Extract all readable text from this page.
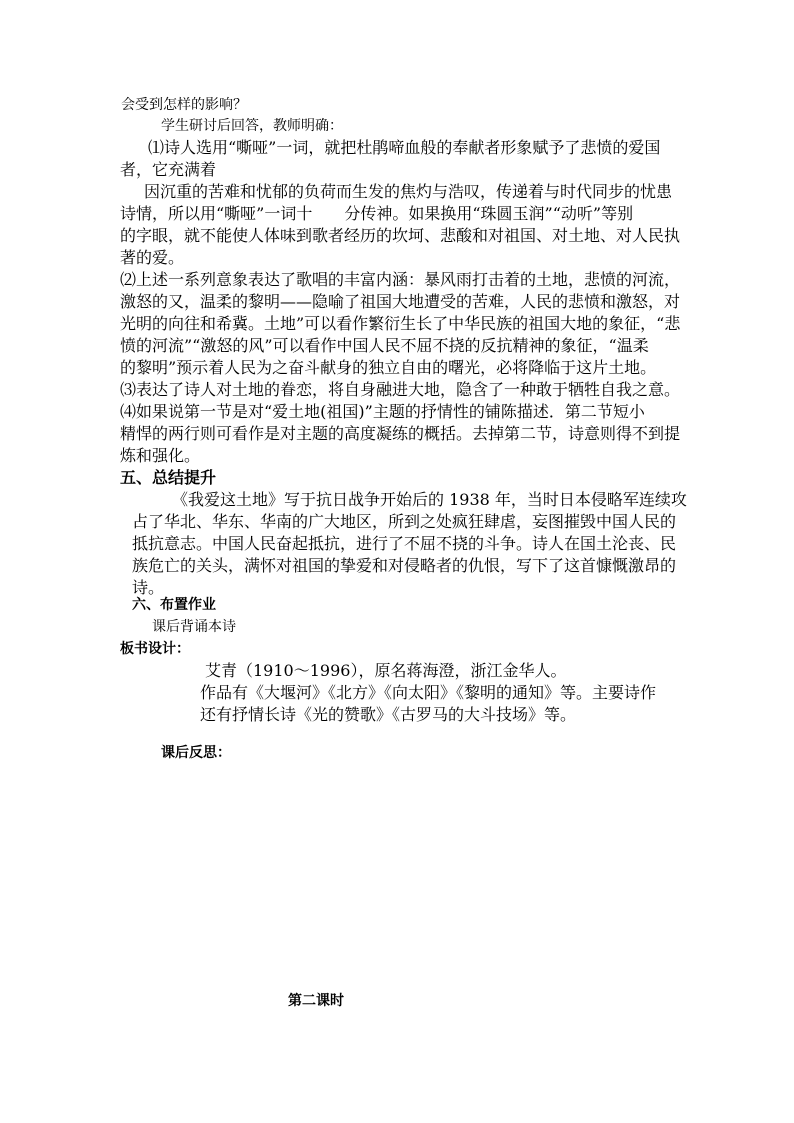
会受到怎样的影响？
学生研讨后回答，教师明确：
⑴诗人选用“嘶哑”一词，就把杜鹃啼血般的奉献者形象赋予了悲愤的爱国
者，它充满着
因沉重的苦难和忧郁的负荷而生发的焦灼与浩叹，传递着与时代同步的忧患
诗情，所以用“嘶哑”一词十　　分传神。如果换用“珠圆玉润”“动听”等别
的字眼，就不能使人体味到歌者经历的坎坷、悲酸和对祖国、对土地、对人民执
著的爱。
⑵上述一系列意象表达了歌唱的丰富内涵：暴风雨打击着的土地，悲愤的河流，
激怒的又，温柔的黎明——隐喻了祖国大地遭受的苦难，人民的悲愤和激怒，对
光明的向往和希冀。土地”可以看作繁衍生长了中华民族的祖国大地的象征，“悲
愤的河流”“激怒的风”可以看作中国人民不屈不挠的反抗精神的象征，“温柔
的黎明”预示着人民为之奋斗献身的独立自由的曙光，必将降临于这片土地。
⑶表达了诗人对土地的眷恋，将自身融进大地，隐含了一种敢于牺牲自我之意。
⑷如果说第一节是对“爱土地(祖国)”主题的抒情性的铺陈描述．第二节短小
精悍的两行则可看作是对主题的高度凝练的概括。去掉第二节，诗意则得不到提
炼和强化。
五、总结提升
《我爱这土地》写于抗日战争开始后的 1938 年，当时日本侵略军连续攻
占了华北、华东、华南的广大地区，所到之处疯狂肆虐，妄图摧毁中国人民的
抵抗意志。中国人民奋起抵抗，进行了不屈不挠的斗争。诗人在国土沦丧、民
族危亡的关头，满怀对祖国的挚爱和对侵略者的仇恨，写下了这首慷慨激昂的
诗。
六、布置作业
课后背诵本诗
板书设计：
艾青（1910～1996），原名蒋海澄，浙江金华人。
作品有《大堰河》《北方》《向太阳》《黎明的通知》等。主要诗作
还有抒情长诗《光的赞歌》《古罗马的大斗技场》等。
课后反思：
第二课时
